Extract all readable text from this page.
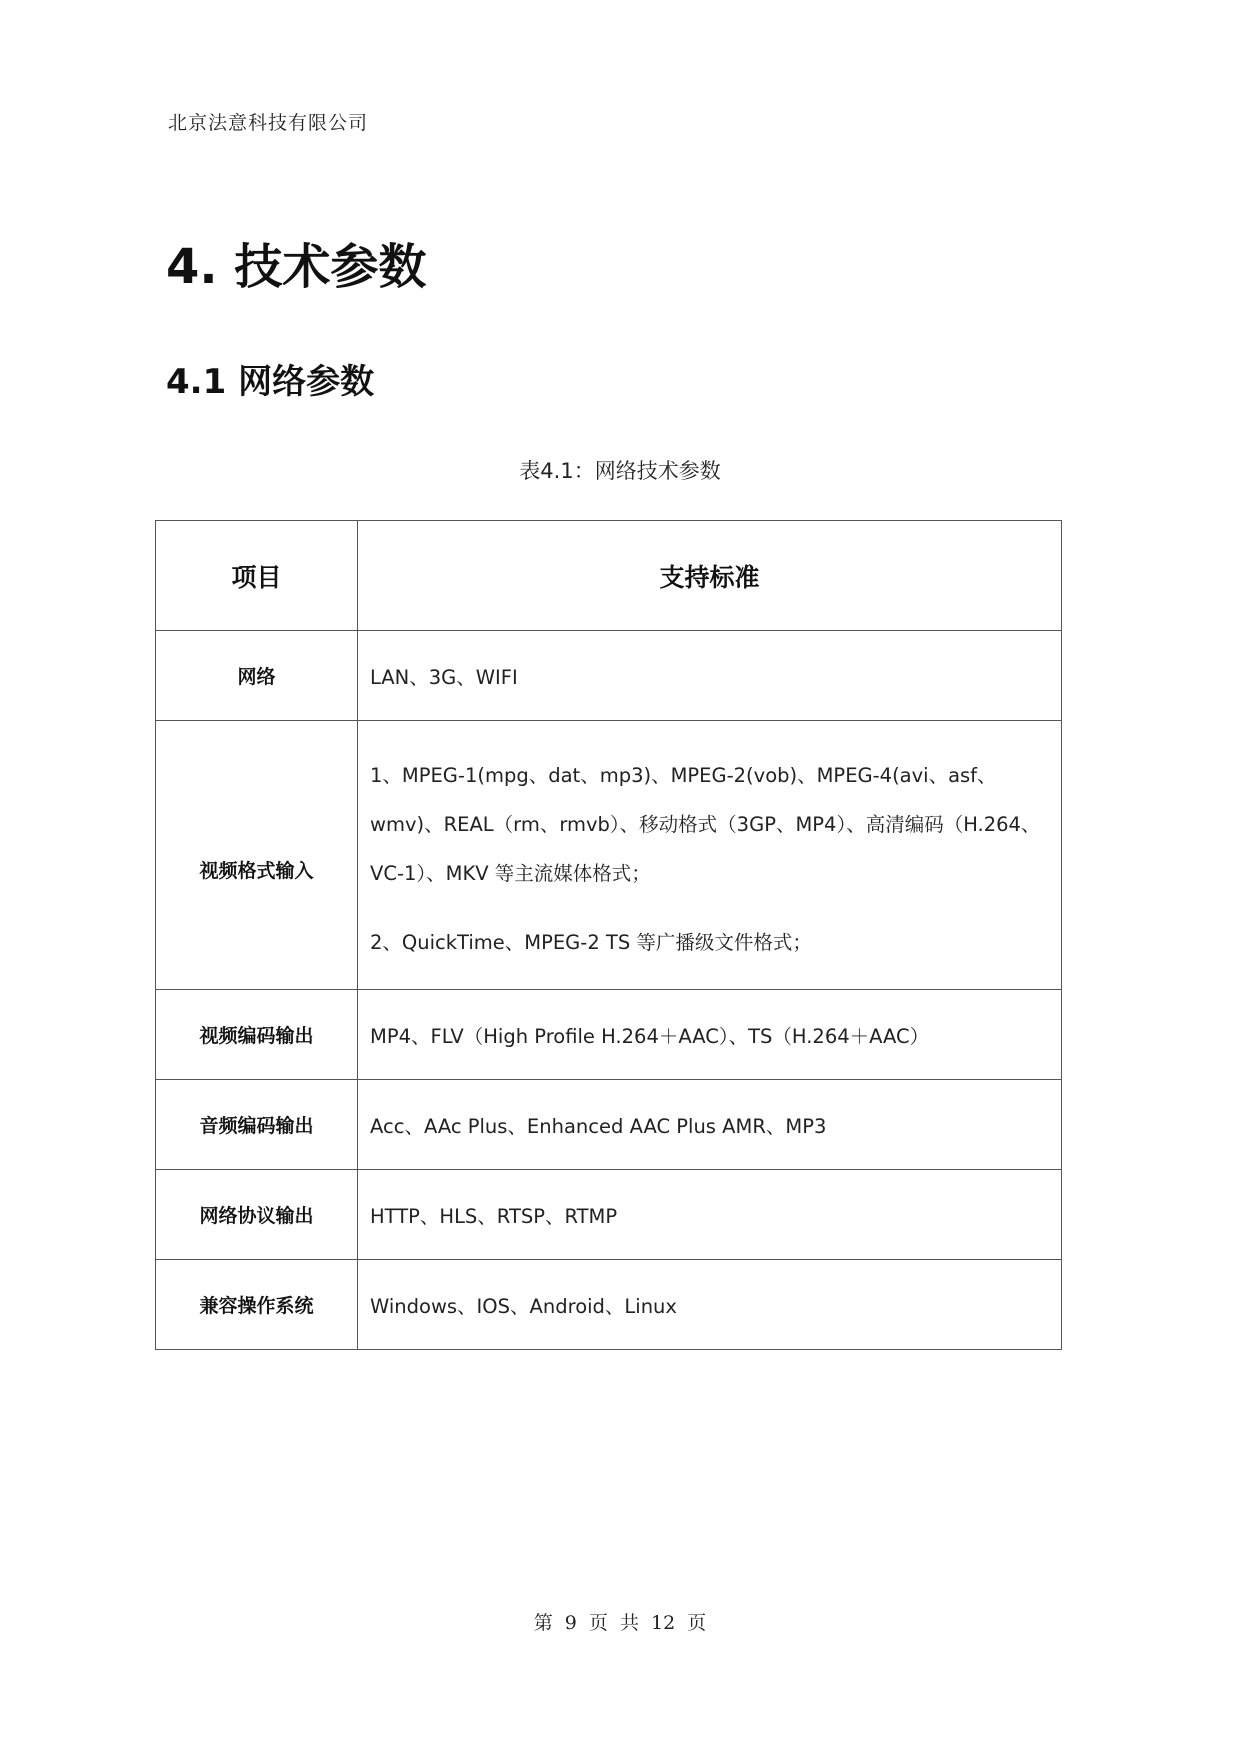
北京法意科技有限公司
4. 技术参数
4.1 网络参数
表4.1：网络技术参数
项目	支持标准
网络	LAN、3G、WIFI
视频格式输入	1、MPEG-1(mpg、dat、mp3)、MPEG-2(vob)、MPEG-4(avi、asf、wmv)、REAL（rm、rmvb）、移动格式（3GP、MP4）、高清编码（H.264、VC-1）、MKV 等主流媒体格式；
2、QuickTime、MPEG-2 TS 等广播级文件格式；

视频编码输出	MP4、FLV（High Profile H.264＋AAC）、TS（H.264＋AAC）
音频编码输出	Acc、AAc Plus、Enhanced AAC Plus AMR、MP3
网络协议输出	HTTP、HLS、RTSP、RTMP
兼容操作系统	Windows、IOS、Android、Linux
第 9 页 共 12 页
